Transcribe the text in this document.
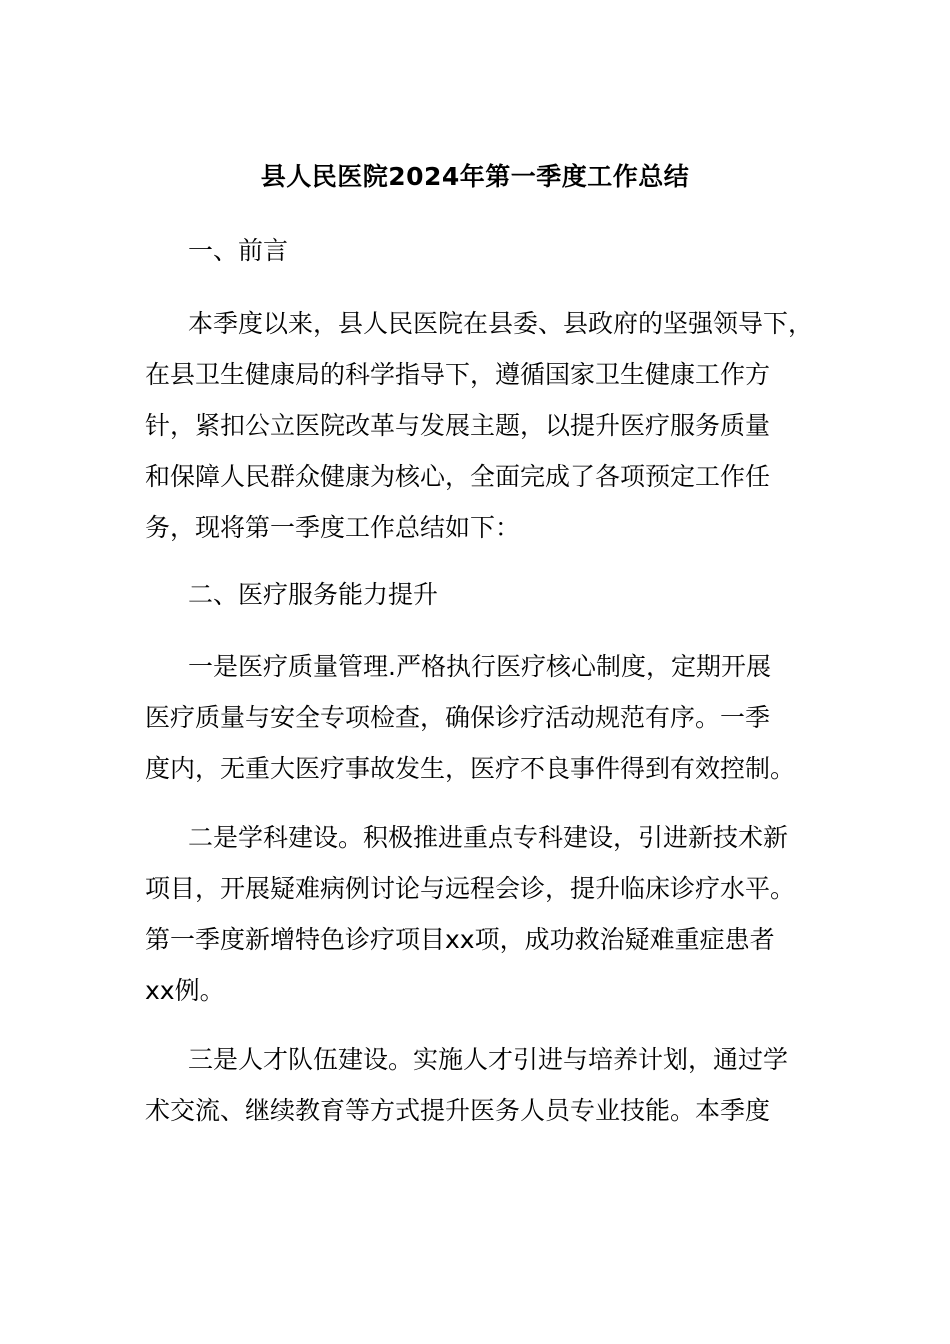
县人民医院2024年第一季度工作总结
一、前言
本季度以来，县人民医院在县委、县政府的坚强领导下，
在县卫生健康局的科学指导下，遵循国家卫生健康工作方
针，紧扣公立医院改革与发展主题，以提升医疗服务质量
和保障人民群众健康为核心，全面完成了各项预定工作任
务，现将第一季度工作总结如下：
二、医疗服务能力提升
一是医疗质量管理.严格执行医疗核心制度，定期开展
医疗质量与安全专项检查，确保诊疗活动规范有序。一季
度内，无重大医疗事故发生，医疗不良事件得到有效控制。
二是学科建设。积极推进重点专科建设，引进新技术新
项目，开展疑难病例讨论与远程会诊，提升临床诊疗水平。
第一季度新增特色诊疗项目xx项，成功救治疑难重症患者
xx例。
三是人才队伍建设。实施人才引进与培养计划，通过学
术交流、继续教育等方式提升医务人员专业技能。本季度
